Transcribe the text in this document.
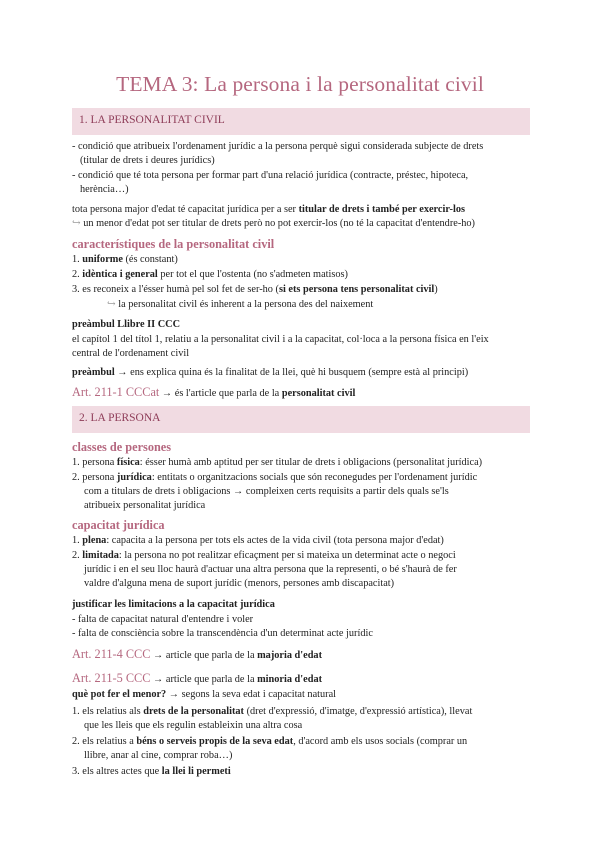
TEMA 3: La persona i la personalitat civil
1. LA PERSONALITAT CIVIL
- condició que atribueix l'ordenament jurídic a la persona perquè sigui considerada subjecte de drets
(titular de drets i deures jurídics)
- condició que té tota persona per formar part d'una relació jurídica (contracte, préstec, hipoteca,
herència…)
tota persona major d'edat té capacitat jurídica per a ser titular de drets i també per exercir-los
↪ un menor d'edat pot ser titular de drets però no pot exercir-los (no té la capacitat d'entendre-ho)
característiques de la personalitat civil
1. uniforme (és constant)
2. idèntica i general per tot el que l'ostenta (no s'admeten matisos)
3. es reconeix a l'ésser humà pel sol fet de ser-ho (si ets persona tens personalitat civil)
↪ la personalitat civil és inherent a la persona des del naixement
preàmbul Llibre II CCC
el capítol 1 del títol 1, relatiu a la personalitat civil i a la capacitat, col·loca a la persona física en l'eix
central de l'ordenament civil
preàmbul → ens explica quina és la finalitat de la llei, què hi busquem (sempre està al principi)
Art. 211-1 CCCat → és l'article que parla de la personalitat civil
2. LA PERSONA
classes de persones
1. persona física: ésser humà amb aptitud per ser titular de drets i obligacions (personalitat jurídica)
2. persona jurídica: entitats o organitzacions socials que són reconegudes per l'ordenament jurídic
com a titulars de drets i obligacions → compleixen certs requisits a partir dels quals se'ls
atribueix personalitat jurídica
capacitat jurídica
1. plena: capacita a la persona per tots els actes de la vida civil (tota persona major d'edat)
2. limitada: la persona no pot realitzar eficaçment per si mateixa un determinat acte o negoci
jurídic i en el seu lloc haurà d'actuar una altra persona que la representi, o bé s'haurà de fer
valdre d'alguna mena de suport jurídic (menors, persones amb discapacitat)
justificar les limitacions a la capacitat jurídica
- falta de capacitat natural d'entendre i voler
- falta de consciència sobre la transcendència d'un determinat acte jurídic
Art. 211-4 CCC → article que parla de la majoria d'edat
Art. 211-5 CCC → article que parla de la minoria d'edat
què pot fer el menor? → segons la seva edat i capacitat natural
1. els relatius als drets de la personalitat (dret d'expressió, d'imatge, d'expressió artística), llevat
que les lleis que els regulin estableixin una altra cosa
2. els relatius a béns o serveis propis de la seva edat, d'acord amb els usos socials (comprar un
llibre, anar al cine, comprar roba…)
3. els altres actes que la llei li permeti
